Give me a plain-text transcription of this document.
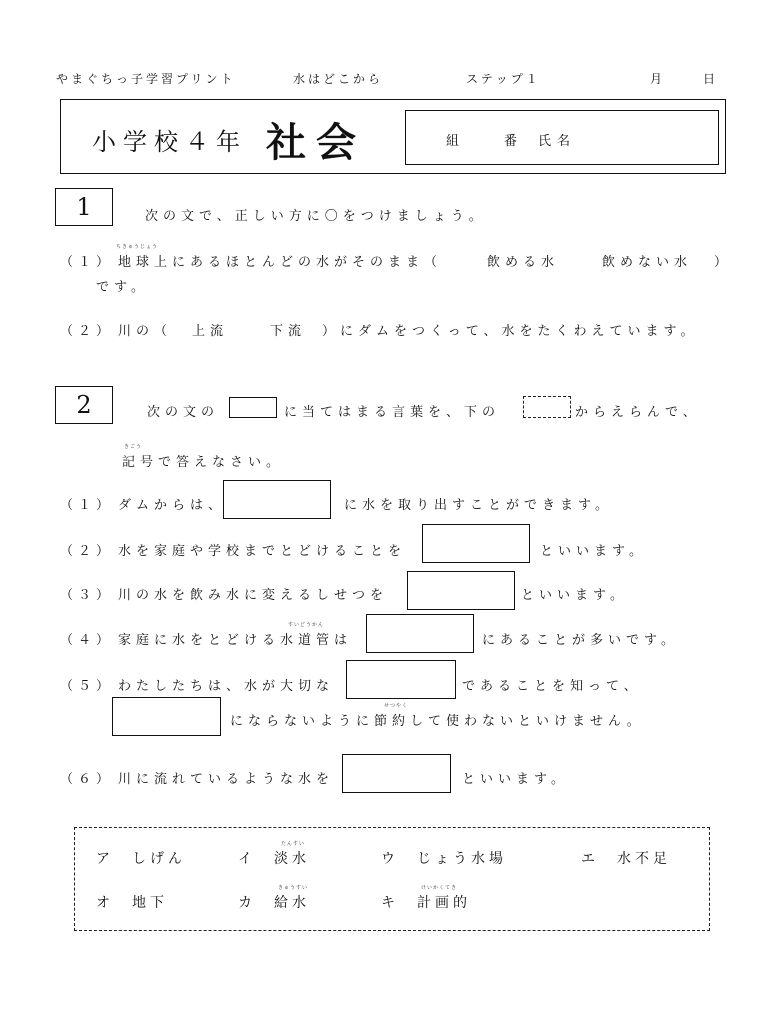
やまぐちっ子学習プリント	水はどこから	ステップ１	月	日
小学校４年 社会	組	番 氏名
1	次の文で、正しい方に〇をつけましょう。
（１）
ちきゅうじょう
地球上にあるほとんどの水がそのまま（	飲める水	飲めない水 ）
です。
（２） 川の（ 上流	下流 ）にダムをつくって、水をたくわえています。
2	次の文の	に当てはまる言葉を、下の	からえらんで、
きごう
記号で答えなさい。
（１） ダムからは、	に水を取り出すことができます。
（２） 水を家庭や学校までとどけることを	といいます。
（３） 川の水を飲み水に変えるしせつを	といいます。
（４）
すいどうかん
家庭に水をとどける水道管は	にあることが多いです。
（５） わたしたちは、水が大切な	であることを知って、
せつやく
にならないように節約して使わないといけません。
（６） 川に流れているような水を	といいます。
ア　しげん
たんすい
イ　淡水	ウ　じょう水場	エ　水不足
オ　地下
きゅうすい
カ　給水
けいかくてき
キ　計画的
